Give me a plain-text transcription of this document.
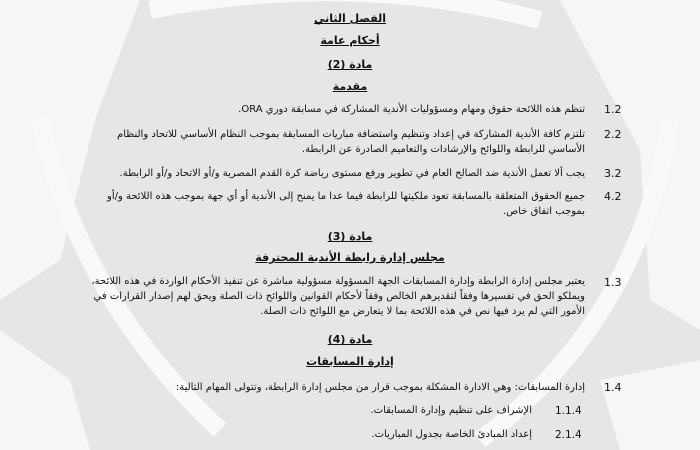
الفصل الثاني
أحكام عامة
مادة (2)
مقدمة
1.2
تنظم هذه اللائحة حقوق ومهام ومسؤوليات الأندية المشاركة في مسابقة دوري ORA.
2.2
تلتزم كافة الأندية المشاركة في إعداد وتنظيم واستضافة مباريات المسابقة بموجب النظام الأساسي للاتحاد والنظام الأساسي للرابطة واللوائح والإرشادات والتعاميم الصادرة عن الرابطة.
3.2
يجب ألا تعمل الأندية ضد الصالح العام في تطوير ورفع مستوى رياضة كرة القدم المصرية و/أو الاتحاد و/أو الرابطة.
4.2
جميع الحقوق المتعلقة بالمسابقة تعود ملكيتها للرابطة فيما عدا ما يمنح إلى الأندية أو أي جهة بموجب هذه اللائحة و/أو بموجب اتفاق خاص.
مادة (3)
مجلس إدارة رابطة الأندية المحترفة
1.3
يعتبر مجلس إدارة الرابطة وإدارة المسابقات الجهة المسؤولة مسؤولية مباشرة عن تنفيذ الأحكام الواردة في هذه اللائحة، ويملكو الحق في تفسيرها وفقاً لتقديرهم الخالص وفقاً لأحكام القوانين واللوائح ذات الصلة ويحق لهم إصدار القرارات في الأمور التي لم يرد فيها نص في هذه اللائحة بما لا يتعارض مع اللوائح ذات الصلة.
مادة (4)
إدارة المسابقات
1.4
إدارة المسابقات: وهي الادارة المشكلة بموجب قرار من مجلس إدارة الرابطة، وتتولى المهام التالية:
1.1.4
الإشراف على تنظيم وإدارة المسابقات.
2.1.4
إعداد المبادئ الخاصة بجدول المباريات.
